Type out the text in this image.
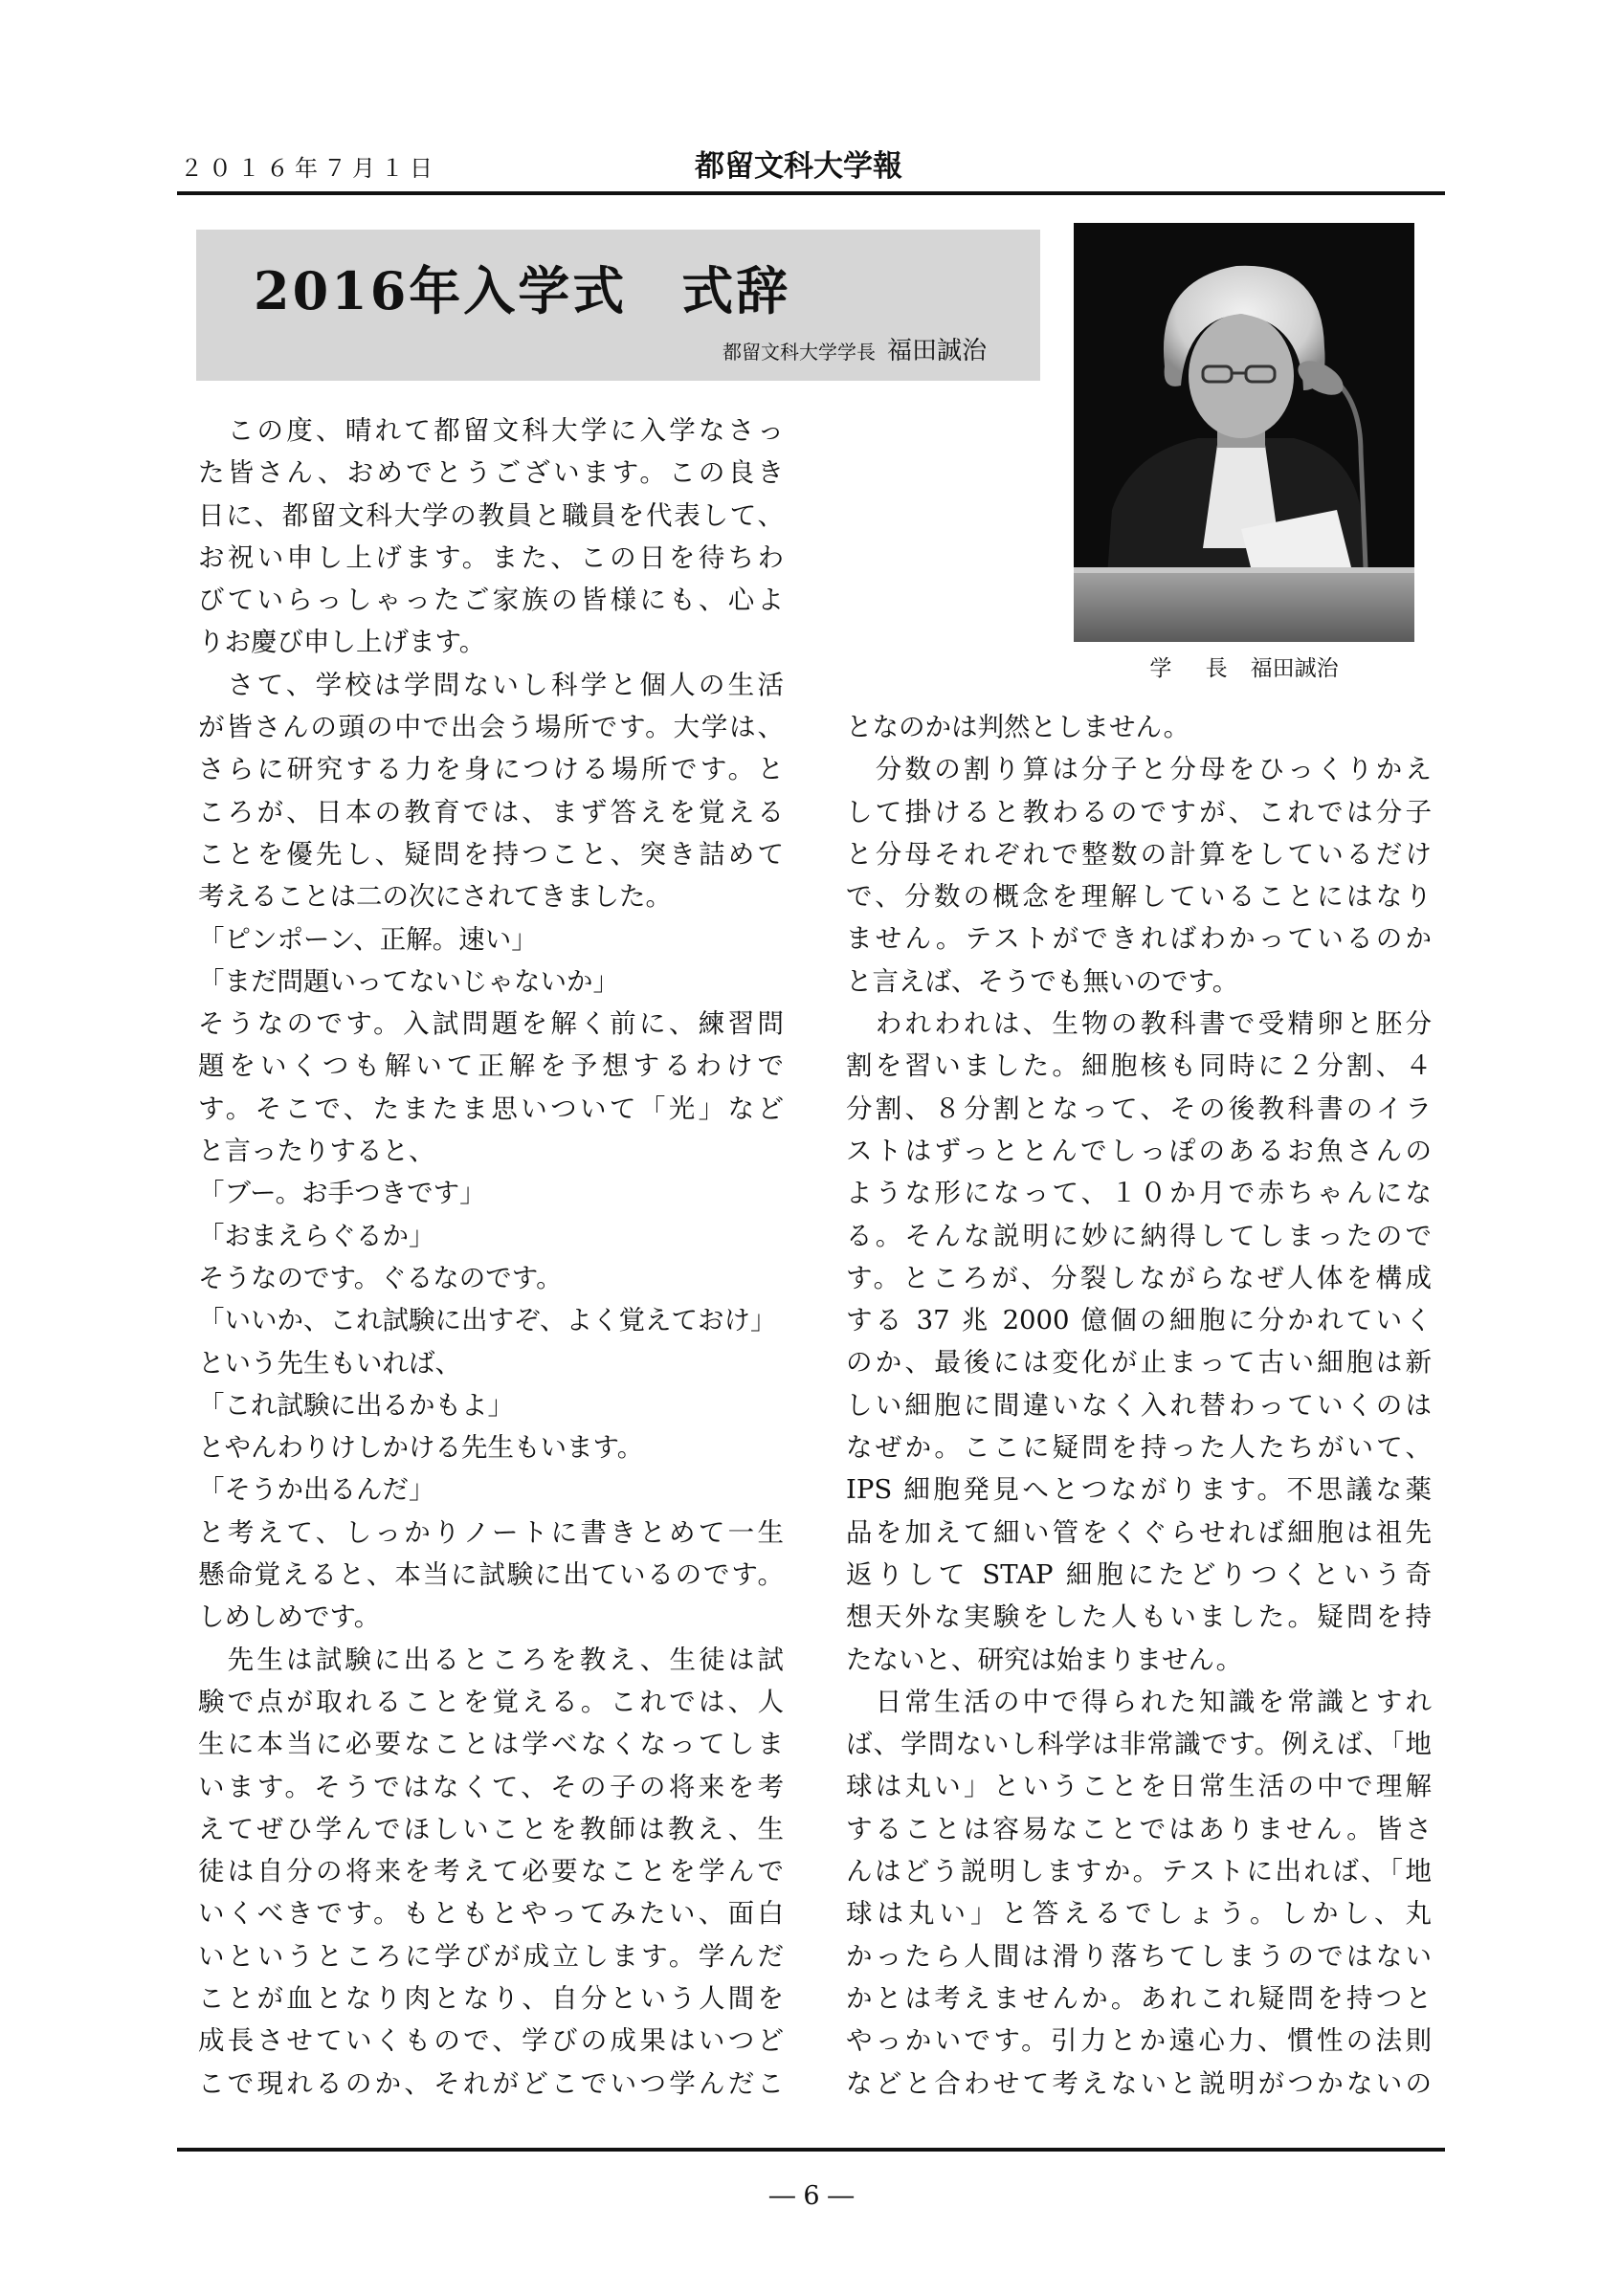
２０１６年７月１日	都留文科大学報
2016年入学式　式辞
都留文科大学学長 福田誠治
学 長 福田誠治

　この度、晴れて都留文科大学に入学なさっ

た皆さん、おめでとうございます。この良き

日に、都留文科大学の教員と職員を代表して、

お祝い申し上げます。また、この日を待ちわ

びていらっしゃったご家族の皆様にも、心よ

りお慶び申し上げます。

　さて、学校は学問ないし科学と個人の生活

が皆さんの頭の中で出会う場所です。大学は、

さらに研究する力を身につける場所です。と

ころが、日本の教育では、まず答えを覚える

ことを優先し、疑問を持つこと、突き詰めて

考えることは二の次にされてきました。

「ピンポーン、正解。速い」

「まだ問題いってないじゃないか」

そうなのです。入試問題を解く前に、練習問

題をいくつも解いて正解を予想するわけで

す。そこで、たまたま思いついて「光」など

と言ったりすると、

「ブー。お手つきです」

「おまえらぐるか」

そうなのです。ぐるなのです。

「いいか、これ試験に出すぞ、よく覚えておけ」

という先生もいれば、

「これ試験に出るかもよ」

とやんわりけしかける先生もいます。

「そうか出るんだ」

と考えて、しっかりノートに書きとめて一生

懸命覚えると、本当に試験に出ているのです。

しめしめです。

　先生は試験に出るところを教え、生徒は試

験で点が取れることを覚える。これでは、人

生に本当に必要なことは学べなくなってしま

います。そうではなくて、その子の将来を考

えてぜひ学んでほしいことを教師は教え、生

徒は自分の将来を考えて必要なことを学んで

いくべきです。もともとやってみたい、面白

いというところに学びが成立します。学んだ

ことが血となり肉となり、自分という人間を

成長させていくもので、学びの成果はいつど

こで現れるのか、それがどこでいつ学んだこ

となのかは判然としません。

　分数の割り算は分子と分母をひっくりかえ

して掛けると教わるのですが、これでは分子

と分母それぞれで整数の計算をしているだけ

で、分数の概念を理解していることにはなり

ません。テストができればわかっているのか

と言えば、そうでも無いのです。

　われわれは、生物の教科書で受精卵と胚分

割を習いました。細胞核も同時に２分割、４

分割、８分割となって、その後教科書のイラ

ストはずっととんでしっぽのあるお魚さんの

ような形になって、１０か月で赤ちゃんにな

る。そんな説明に妙に納得してしまったので

す。ところが、分裂しながらなぜ人体を構成

する 37 兆 2000 億個の細胞に分かれていく

のか、最後には変化が止まって古い細胞は新

しい細胞に間違いなく入れ替わっていくのは

なぜか。ここに疑問を持った人たちがいて、

IPS 細胞発見へとつながります。不思議な薬

品を加えて細い管をくぐらせれば細胞は祖先

返りして STAP 細胞にたどりつくという奇

想天外な実験をした人もいました。疑問を持

たないと、研究は始まりません。

　日常生活の中で得られた知識を常識とすれ

ば、学問ないし科学は非常識です。例えば、「地

球は丸い」ということを日常生活の中で理解

することは容易なことではありません。皆さ

んはどう説明しますか。テストに出れば、「地

球は丸い」と答えるでしょう。しかし、丸

かったら人間は滑り落ちてしまうのではない

かとは考えませんか。あれこれ疑問を持つと

やっかいです。引力とか遠心力、慣性の法則

などと合わせて考えないと説明がつかないの

― 6 ―
